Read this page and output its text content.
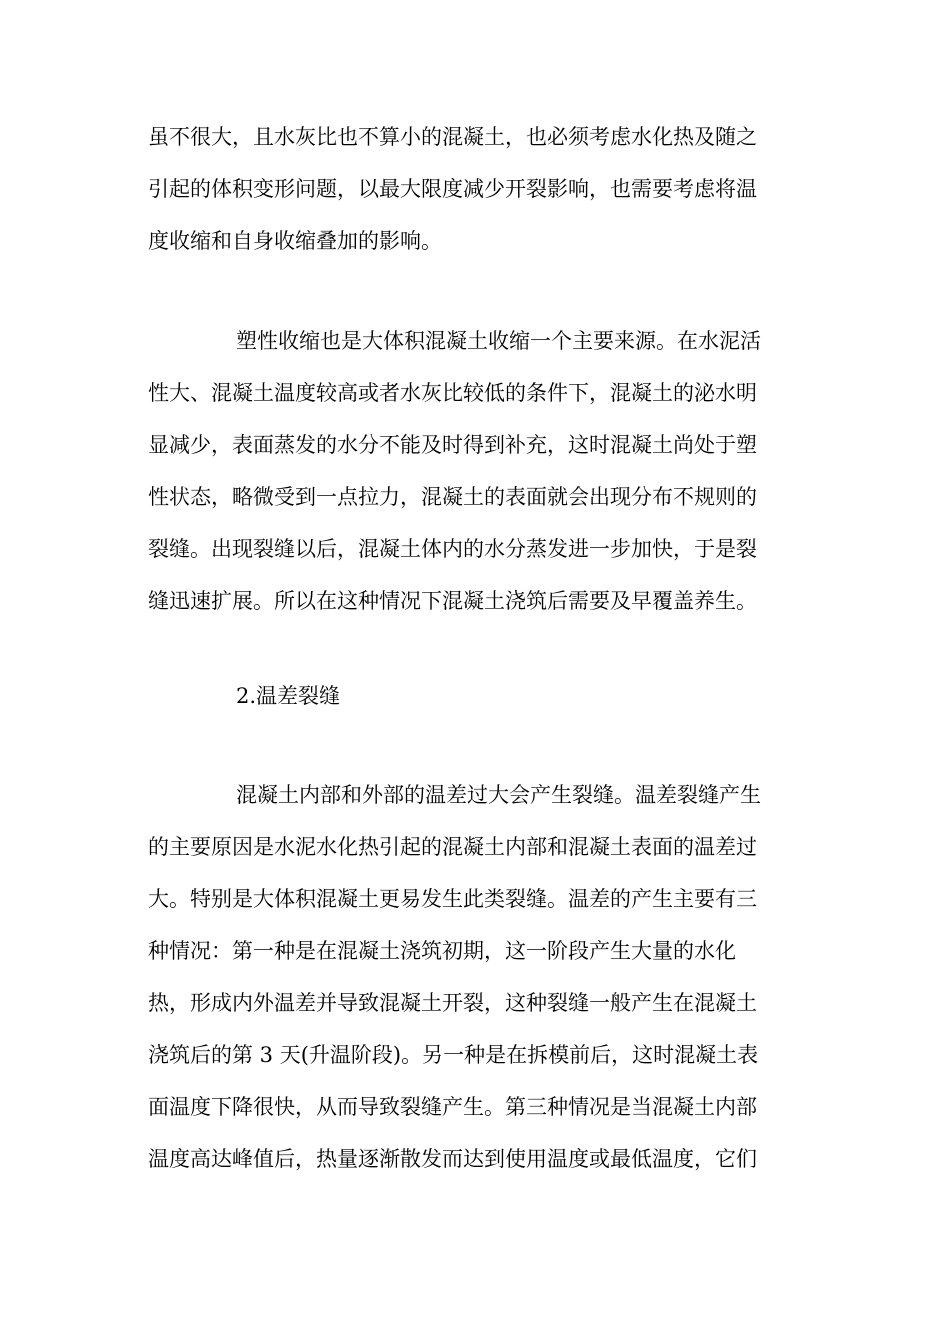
虽不很大，且水灰比也不算小的混凝土，也必须考虑水化热及随之
引起的体积变形问题，以最大限度减少开裂影响，也需要考虑将温
度收缩和自身收缩叠加的影响。
塑性收缩也是大体积混凝土收缩一个主要来源。在水泥活
性大、混凝土温度较高或者水灰比较低的条件下，混凝土的泌水明
显减少，表面蒸发的水分不能及时得到补充，这时混凝土尚处于塑
性状态，略微受到一点拉力，混凝土的表面就会出现分布不规则的
裂缝。出现裂缝以后，混凝土体内的水分蒸发进一步加快，于是裂
缝迅速扩展。所以在这种情况下混凝土浇筑后需要及早覆盖养生。
2.温差裂缝
混凝土内部和外部的温差过大会产生裂缝。温差裂缝产生
的主要原因是水泥水化热引起的混凝土内部和混凝土表面的温差过
大。特别是大体积混凝土更易发生此类裂缝。温差的产生主要有三
种情况：第一种是在混凝土浇筑初期，这一阶段产生大量的水化
热，形成内外温差并导致混凝土开裂，这种裂缝一般产生在混凝土
浇筑后的第 3 天(升温阶段)。另一种是在拆模前后，这时混凝土表
面温度下降很快，从而导致裂缝产生。第三种情况是当混凝土内部
温度高达峰值后，热量逐渐散发而达到使用温度或最低温度，它们
